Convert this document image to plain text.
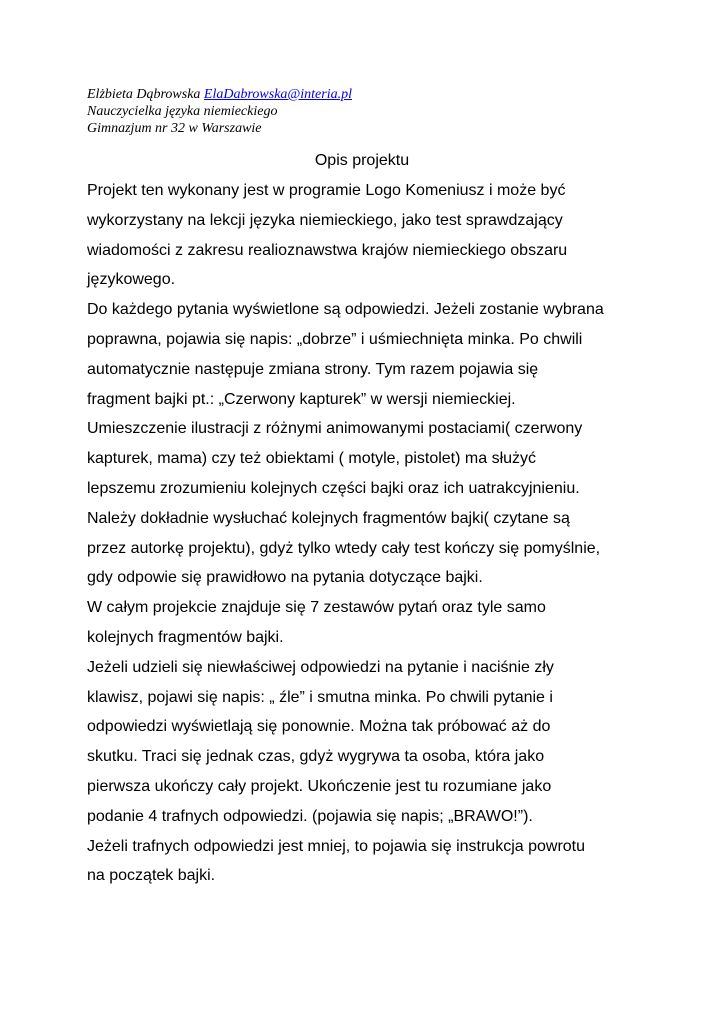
Elżbieta Dąbrowska ElaDabrowska@interia.pl
Nauczycielka języka niemieckiego
Gimnazjum nr 32 w Warszawie
Opis projektu
Projekt ten wykonany jest w programie Logo Komeniusz i może być
wykorzystany na lekcji języka niemieckiego, jako test sprawdzający
wiadomości z zakresu realioznawstwa krajów niemieckiego obszaru
językowego.
Do każdego pytania wyświetlone są odpowiedzi. Jeżeli zostanie wybrana
poprawna, pojawia się napis: „dobrze” i uśmiechnięta minka. Po chwili
automatycznie następuje zmiana strony. Tym razem pojawia się
fragment bajki pt.: „Czerwony kapturek” w wersji niemieckiej.
Umieszczenie ilustracji z różnymi animowanymi postaciami( czerwony
kapturek, mama) czy też obiektami ( motyle, pistolet) ma służyć
lepszemu zrozumieniu kolejnych części bajki oraz ich uatrakcyjnieniu.
Należy dokładnie wysłuchać kolejnych fragmentów bajki( czytane są
przez autorkę projektu), gdyż tylko wtedy cały test kończy się pomyślnie,
gdy odpowie się prawidłowo na pytania dotyczące bajki.
W całym projekcie znajduje się 7 zestawów pytań oraz tyle samo
kolejnych fragmentów bajki.
Jeżeli udzieli się niewłaściwej odpowiedzi na pytanie i naciśnie zły
klawisz, pojawi się napis: „ źle” i smutna minka. Po chwili pytanie i
odpowiedzi wyświetlają się ponownie. Można tak próbować aż do
skutku. Traci się jednak czas, gdyż wygrywa ta osoba, która jako
pierwsza ukończy cały projekt. Ukończenie jest tu rozumiane jako
podanie 4 trafnych odpowiedzi. (pojawia się napis; „BRAWO!”).
Jeżeli trafnych odpowiedzi jest mniej, to pojawia się instrukcja powrotu
na początek bajki.
